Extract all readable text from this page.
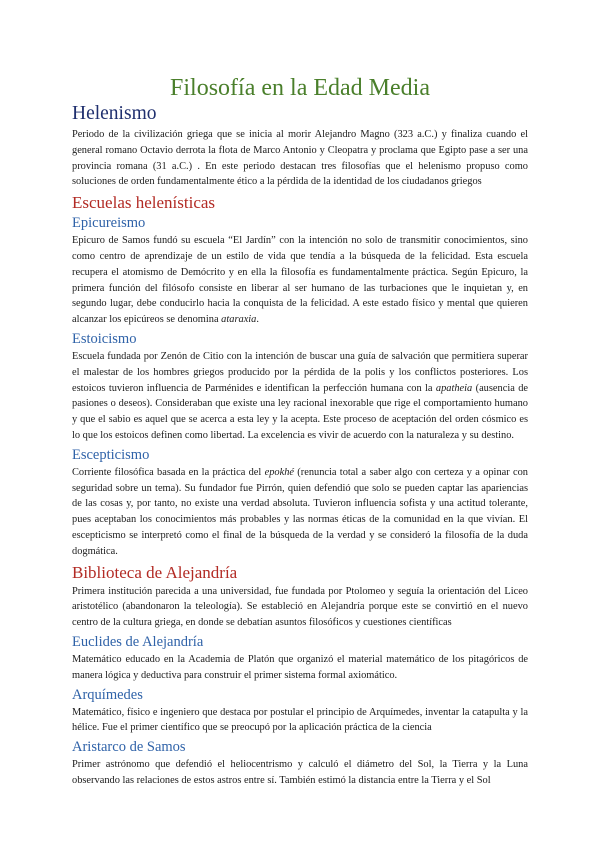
Filosofía en la Edad Media
Helenismo

Periodo de la civilización griega que se inicia al morir Alejandro Magno (323 a.C.) y finaliza cuando el general romano Octavio derrota la flota de Marco Antonio y Cleopatra y proclama que Egipto pase a ser una provincia romana (31 a.C.) . En este periodo destacan tres filosofías que el helenismo propuso como soluciones de orden fundamentalmente ético a la pérdida de la identidad de los ciudadanos griegos

Escuelas helenísticas
Epicureismo

Epicuro de Samos fundó su escuela “El Jardín” con la intención no solo de transmitir conocimientos, sino como centro de aprendizaje de un estilo de vida que tendía a la búsqueda de la felicidad. Esta escuela recupera el atomismo de Demócrito y en ella la filosofía es fundamentalmente práctica. Según Epicuro, la primera función del filósofo consiste en liberar al ser humano de las turbaciones que le inquietan y, en segundo lugar, debe conducirlo hacia la conquista de la felicidad. A este estado físico y mental que quieren alcanzar los epicúreos se denomina ataraxia.

Estoicismo

Escuela fundada por Zenón de Citio con la intención de buscar una guía de salvación que permitiera superar el malestar de los hombres griegos producido por la pérdida de la polis y los conflictos posteriores. Los estoicos tuvieron influencia de Parménides e identifican la perfección humana con la apatheia (ausencia de pasiones o deseos). Consideraban que existe una ley racional inexorable que rige el comportamiento humano y que el sabio es aquel que se acerca a esta ley y la acepta. Este proceso de aceptación del orden cósmico es lo que los estoicos definen como libertad. La excelencia es vivir de acuerdo con la naturaleza y su destino.

Escepticismo

Corriente filosófica basada en la práctica del epokhé (renuncia total a saber algo con certeza y a opinar con seguridad sobre un tema). Su fundador fue Pirrón, quien defendió que solo se pueden captar las apariencias de las cosas y, por tanto, no existe una verdad absoluta. Tuvieron influencia sofista y una actitud tolerante, pues aceptaban los conocimientos más probables y las normas éticas de la comunidad en la que vivían. El escepticismo se interpretó como el final de la búsqueda de la verdad y se consideró la filosofía de la duda dogmática.

Biblioteca de Alejandría

Primera institución parecida a una universidad, fue fundada por Ptolomeo y seguía la orientación del Liceo aristotélico (abandonaron la teleología). Se estableció en Alejandría porque este se convirtió en el nuevo centro de la cultura griega, en donde se debatían asuntos filosóficos y cuestiones científicas

Euclides de Alejandría

Matemático educado en la Academia de Platón que organizó el material matemático de los pitagóricos de manera lógica y deductiva para construir el primer sistema formal axiomático.

Arquímedes

Matemático, físico e ingeniero que destaca por postular el principio de Arquímedes, inventar la catapulta y la hélice. Fue el primer científico que se preocupó por la aplicación práctica de la ciencia

Aristarco de Samos

Primer astrónomo que defendió el heliocentrismo y calculó el diámetro del Sol, la Tierra y la Luna observando las relaciones de estos astros entre sí. También estimó la distancia entre la Tierra y el Sol
